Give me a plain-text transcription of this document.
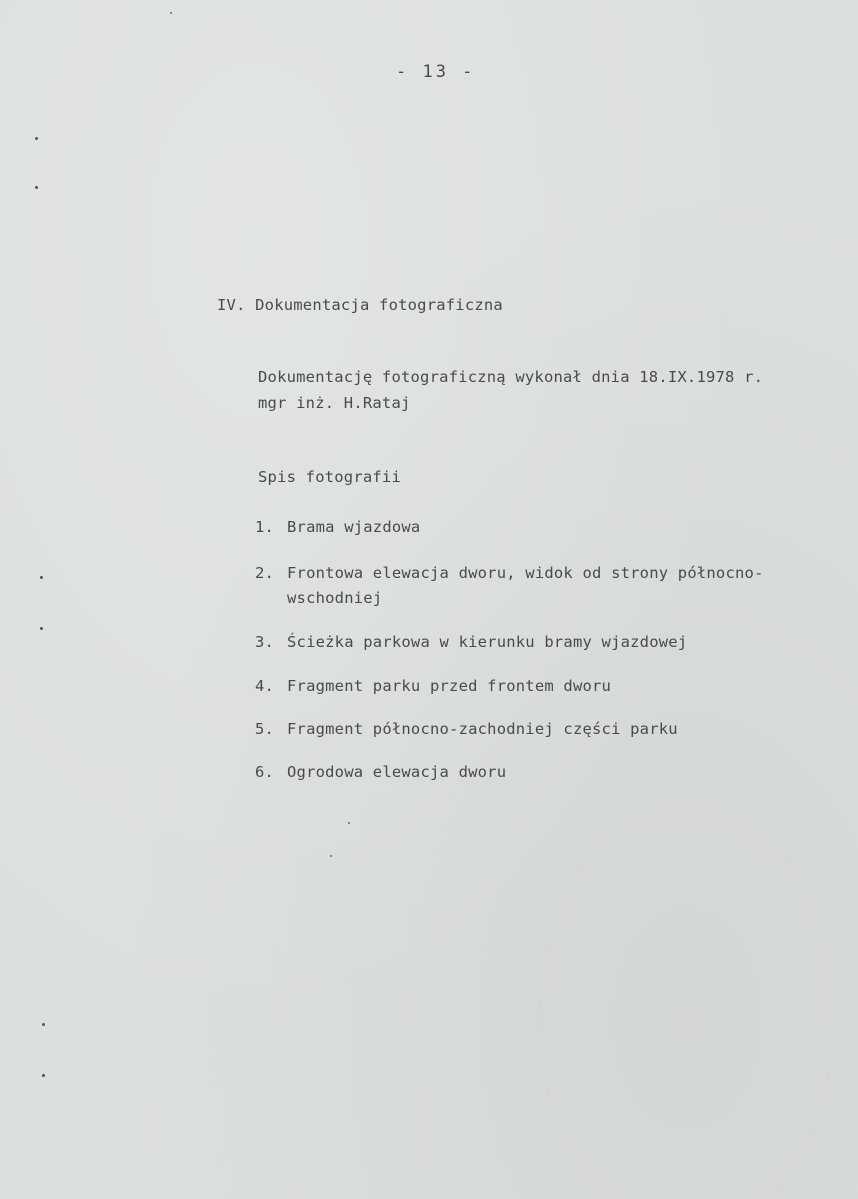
- 13 -

IV. Dokumentacja fotograficzna

Dokumentację fotograficzną wykonał dnia 18.IX.1978 r.

mgr inż. H.Rataj

Spis fotografii

1. Brama wjazdowa
2. Frontowa elewacja dworu, widok od strony północno-
wschodniej
3. Ścieżka parkowa w kierunku bramy wjazdowej
4. Fragment parku przed frontem dworu
5. Fragment północno-zachodniej części parku
6. Ogrodowa elewacja dworu
